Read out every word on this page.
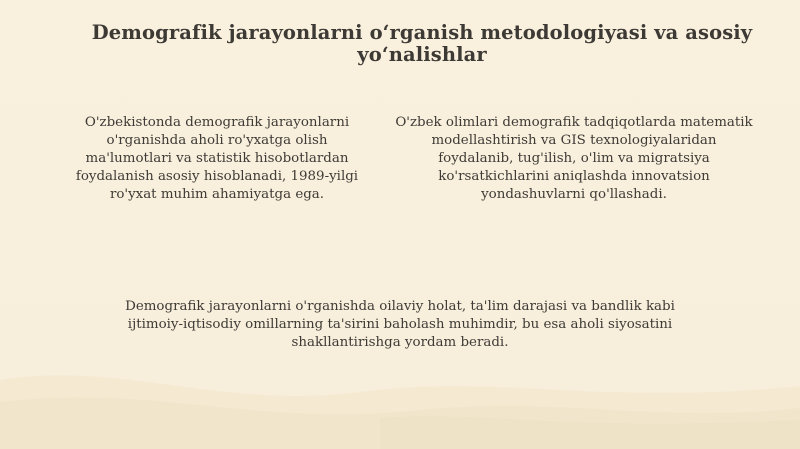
Demografik jarayonlarni o‘rganish metodologiyasi va asosiy yo‘nalishlar
O'zbekistonda demografik jarayonlarni o'rganishda aholi ro'yxatga olish ma'lumotlari va statistik hisobotlardan foydalanish asosiy hisoblanadi, 1989-yilgi ro'yxat muhim ahamiyatga ega.
O'zbek olimlari demografik tadqiqotlarda matematik modellashtirish va GIS texnologiyalaridan foydalanib, tug'ilish, o'lim va migratsiya ko'rsatkichlarini aniqlashda innovatsion yondashuvlarni qo'llashadi.
Demografik jarayonlarni o'rganishda oilaviy holat, ta'lim darajasi va bandlik kabi ijtimoiy-iqtisodiy omillarning ta'sirini baholash muhimdir, bu esa aholi siyosatini shakllantirishga yordam beradi.
